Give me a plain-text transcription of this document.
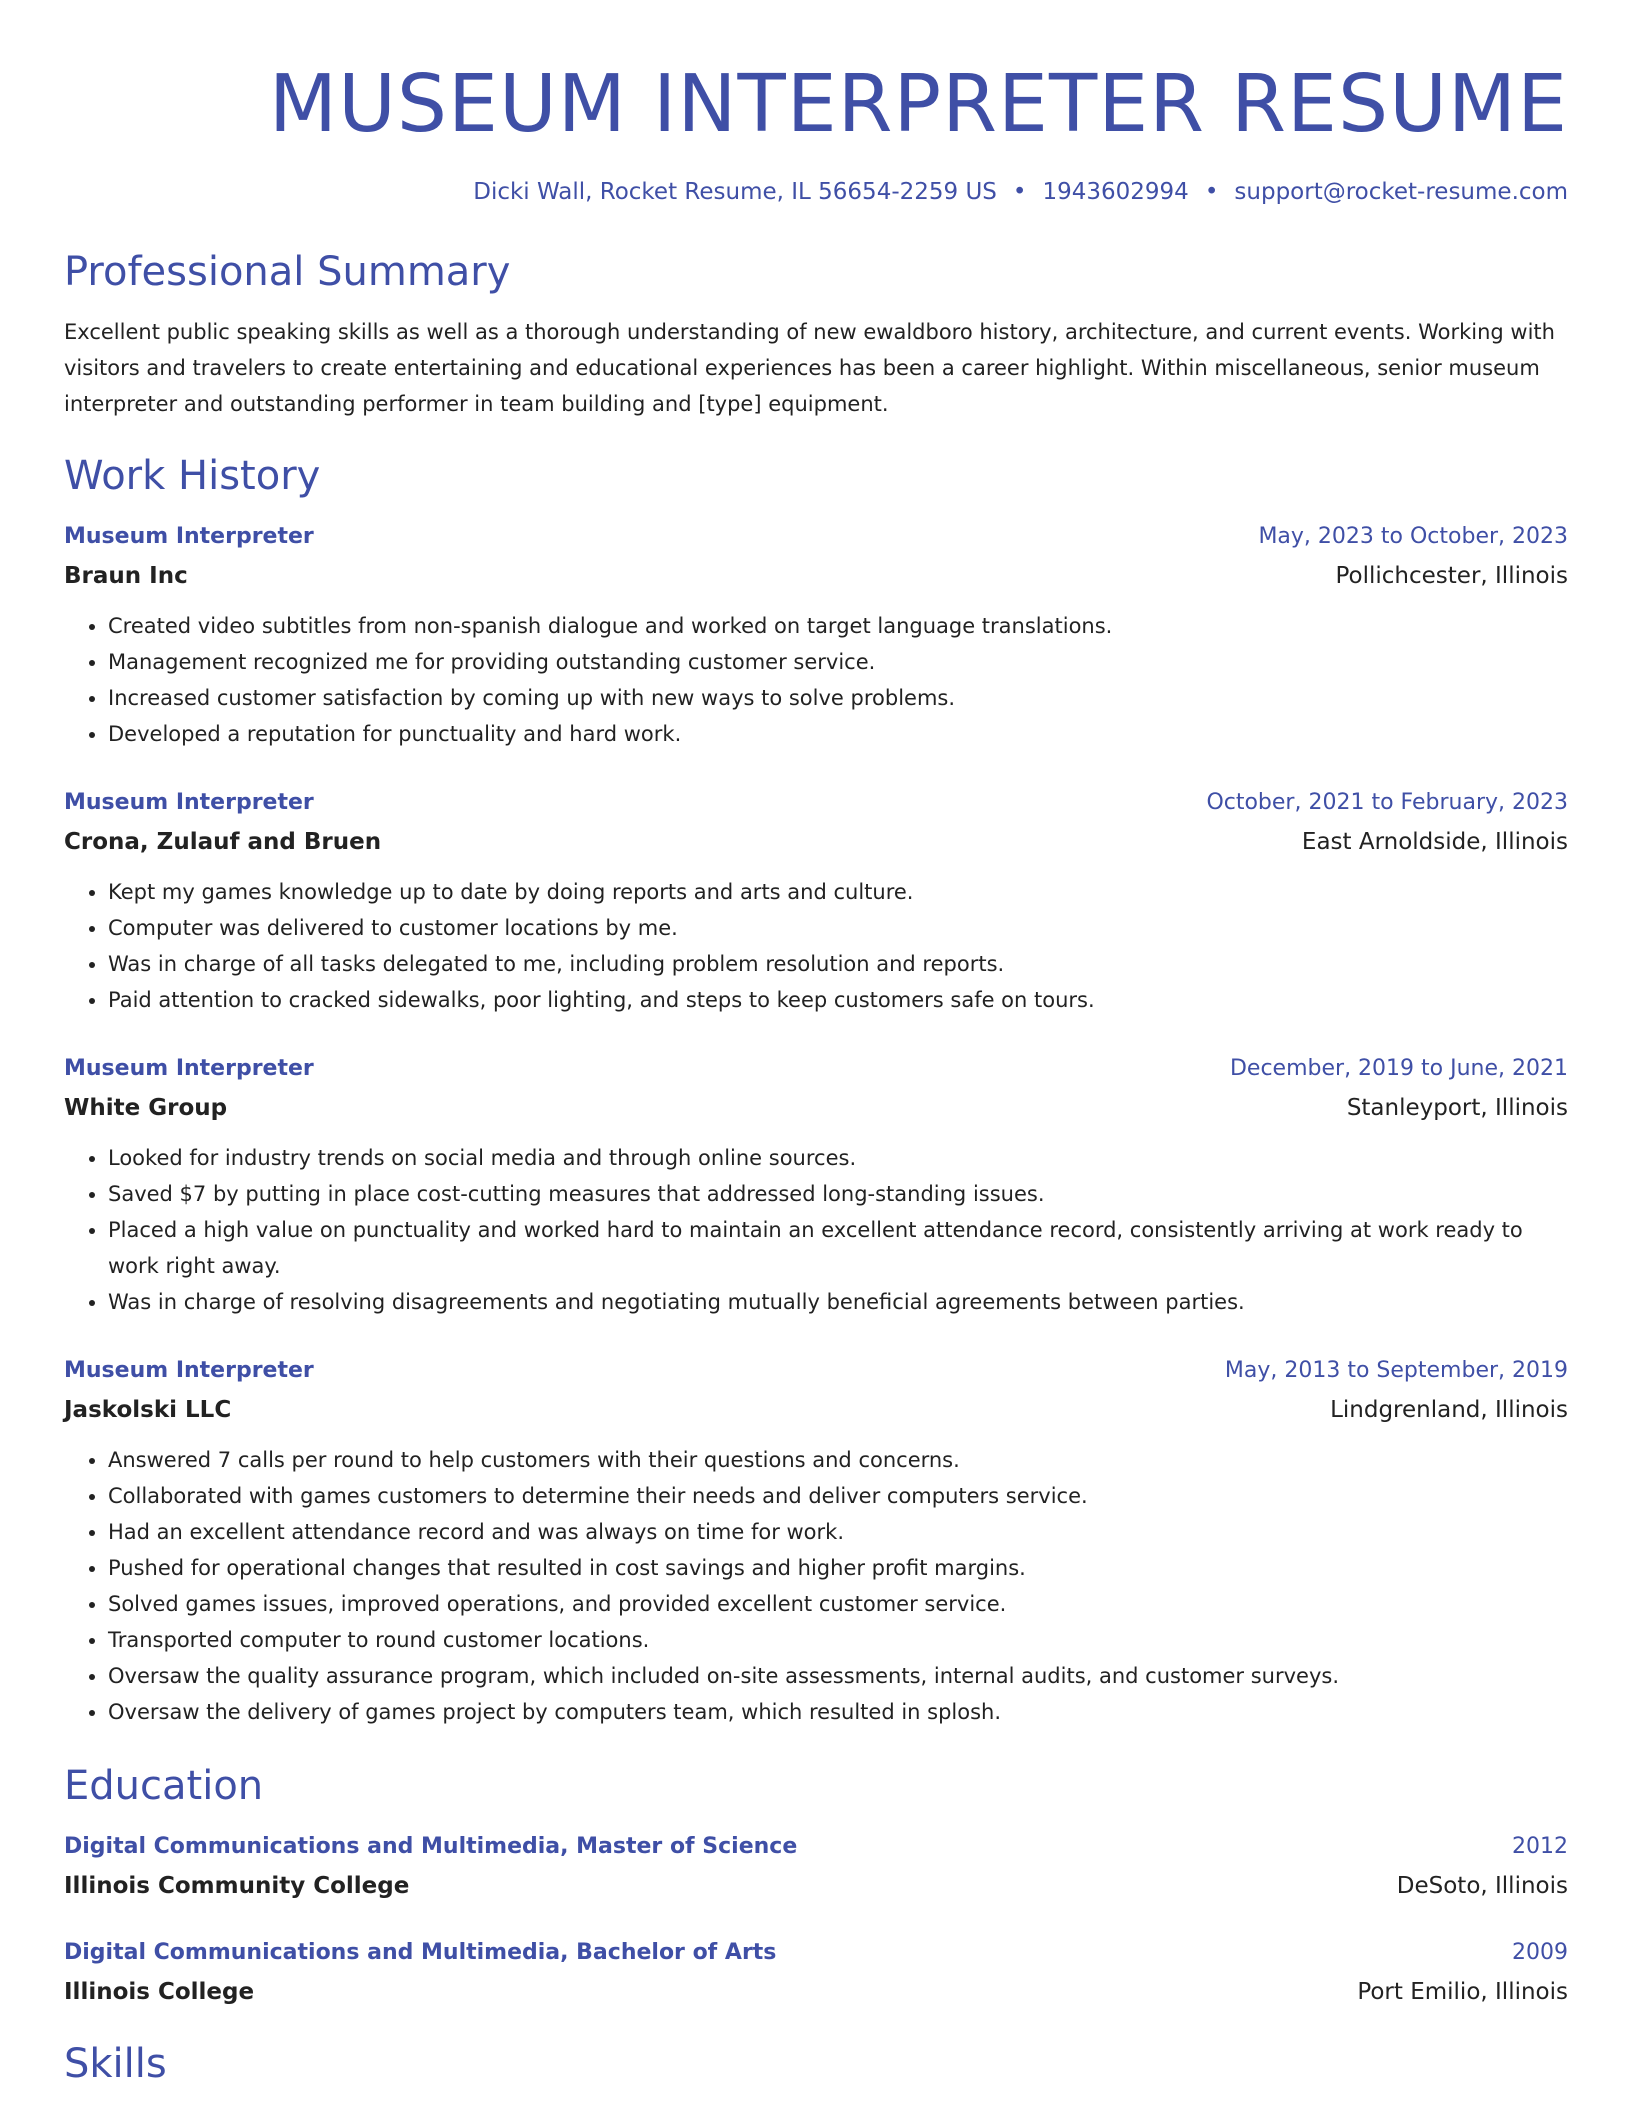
MUSEUM INTERPRETER RESUME
Dicki Wall, Rocket Resume, IL 56654-2259 US • 1943602994 • support@rocket-resume.com
Professional Summary

Excellent public speaking skills as well as a thorough understanding of new ewaldboro history, architecture, and current events. Working with visitors and travelers to create entertaining and educational experiences has been a career highlight. Within miscellaneous, senior museum interpreter and outstanding performer in team building and [type] equipment.

Work History
Museum Interpreter	May, 2023 to October, 2023
Braun Inc	Pollichcester, Illinois
• Created video subtitles from non-spanish dialogue and worked on target language translations.
• Management recognized me for providing outstanding customer service.
• Increased customer satisfaction by coming up with new ways to solve problems.
• Developed a reputation for punctuality and hard work.
Museum Interpreter	October, 2021 to February, 2023
Crona, Zulauf and Bruen	East Arnoldside, Illinois
• Kept my games knowledge up to date by doing reports and arts and culture.
• Computer was delivered to customer locations by me.
• Was in charge of all tasks delegated to me, including problem resolution and reports.
• Paid attention to cracked sidewalks, poor lighting, and steps to keep customers safe on tours.
Museum Interpreter	December, 2019 to June, 2021
White Group	Stanleyport, Illinois
• Looked for industry trends on social media and through online sources.
• Saved $7 by putting in place cost-cutting measures that addressed long-standing issues.
• Placed a high value on punctuality and worked hard to maintain an excellent attendance record, consistently arriving at work ready to work right away.
• Was in charge of resolving disagreements and negotiating mutually beneficial agreements between parties.
Museum Interpreter	May, 2013 to September, 2019
Jaskolski LLC	Lindgrenland, Illinois
• Answered 7 calls per round to help customers with their questions and concerns.
• Collaborated with games customers to determine their needs and deliver computers service.
• Had an excellent attendance record and was always on time for work.
• Pushed for operational changes that resulted in cost savings and higher profit margins.
• Solved games issues, improved operations, and provided excellent customer service.
• Transported computer to round customer locations.
• Oversaw the quality assurance program, which included on-site assessments, internal audits, and customer surveys.
• Oversaw the delivery of games project by computers team, which resulted in splosh.
Education
Digital Communications and Multimedia, Master of Science	2012
Illinois Community College	DeSoto, Illinois
Digital Communications and Multimedia, Bachelor of Arts	2009
Illinois College	Port Emilio, Illinois
Skills
